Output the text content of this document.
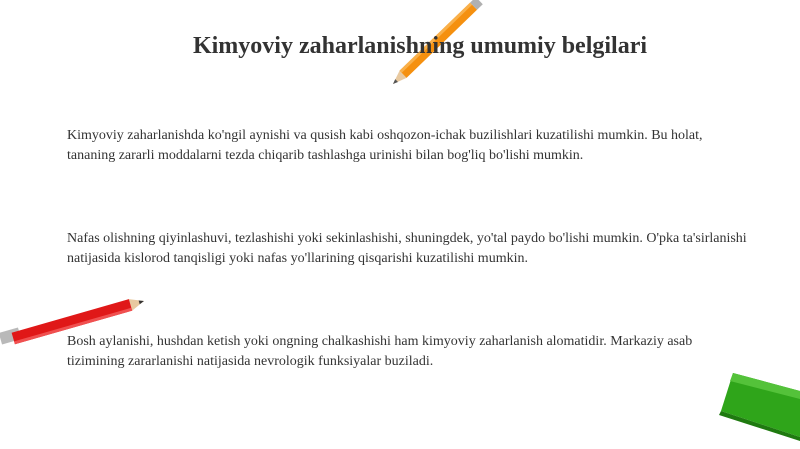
Kimyoviy zaharlanishning umumiy belgilari

Kimyoviy zaharlanishda ko'ngil aynishi va qusish kabi oshqozon-ichak buzilishlari kuzatilishi mumkin. Bu holat, tananing zararli moddalarni tezda chiqarib tashlashga urinishi bilan bog'liq bo'lishi mumkin.

Nafas olishning qiyinlashuvi, tezlashishi yoki sekinlashishi, shuningdek, yo'tal paydo bo'lishi mumkin. O'pka ta'sirlanishi natijasida kislorod tanqisligi yoki nafas yo'llarining qisqarishi kuzatilishi mumkin.

Bosh aylanishi, hushdan ketish yoki ongning chalkashishi ham kimyoviy zaharlanish alomatidir. Markaziy asab tizimining zararlanishi natijasida nevrologik funksiyalar buziladi.
